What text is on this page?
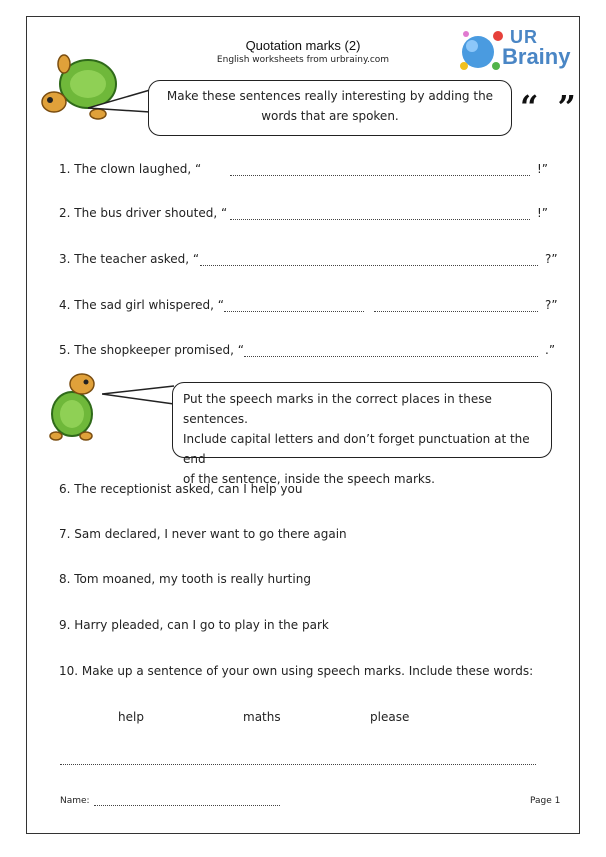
Quotation marks (2)
English worksheets from urbrainy.com
UR
Brainy
Make these sentences really interesting by adding the
words that are spoken.	“ ”
1. The clown laughed, “	!”
2. The bus driver shouted, “	!”
3. The teacher asked, “	?”
4. The sad girl whispered, “	?”
5. The shopkeeper promised, “	.”
Put the speech marks in the correct places in these sentences.
Include capital letters and don’t forget punctuation at the end
of the sentence, inside the speech marks.
6. The receptionist asked, can I help you
7. Sam declared, I never want to go there again
8. Tom moaned, my tooth is really hurting
9. Harry pleaded, can I go to play in the park
10. Make up a sentence of your own using speech marks. Include these words:
help	maths	please
Name:	Page 1
